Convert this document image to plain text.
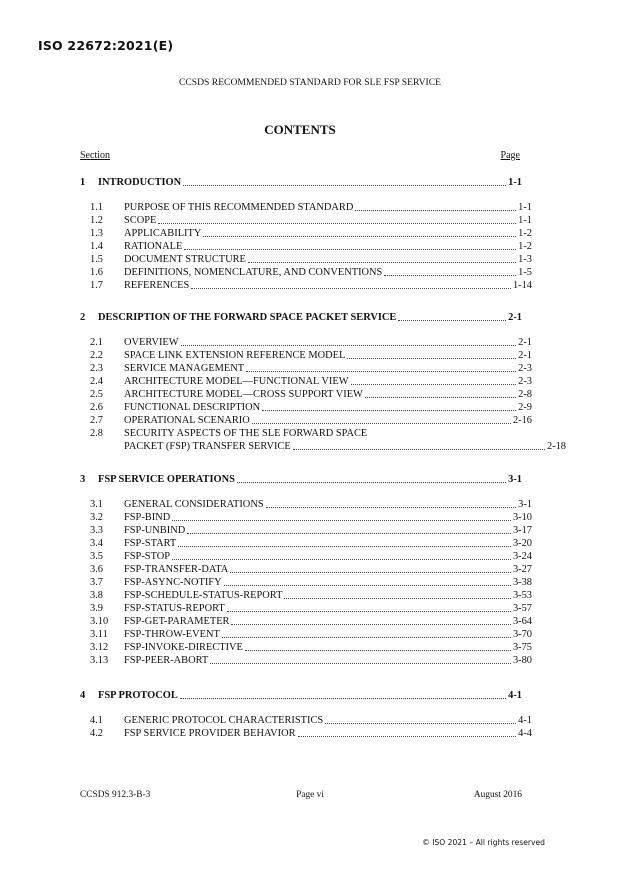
ISO 22672:2021(E)
CCSDS RECOMMENDED STANDARD FOR SLE FSP SERVICE
CONTENTS
Section	Page
1	INTRODUCTION	1-1
1.1	PURPOSE OF THIS RECOMMENDED STANDARD	1-1
1.2	SCOPE	1-1
1.3	APPLICABILITY	1-2
1.4	RATIONALE	1-2
1.5	DOCUMENT STRUCTURE	1-3
1.6	DEFINITIONS, NOMENCLATURE, AND CONVENTIONS	1-5
1.7	REFERENCES	1-14
2	DESCRIPTION OF THE FORWARD SPACE PACKET SERVICE	2-1
2.1	OVERVIEW	2-1
2.2	SPACE LINK EXTENSION REFERENCE MODEL	2-1
2.3	SERVICE MANAGEMENT	2-3
2.4	ARCHITECTURE MODEL—FUNCTIONAL VIEW	2-3
2.5	ARCHITECTURE MODEL—CROSS SUPPORT VIEW	2-8
2.6	FUNCTIONAL DESCRIPTION	2-9
2.7	OPERATIONAL SCENARIO	2-16
2.8	SECURITY ASPECTS OF THE SLE FORWARD SPACE
PACKET (FSP) TRANSFER SERVICE	2-18
3	FSP SERVICE OPERATIONS	3-1
3.1	GENERAL CONSIDERATIONS	3-1
3.2	FSP-BIND	3-10
3.3	FSP-UNBIND	3-17
3.4	FSP-START	3-20
3.5	FSP-STOP	3-24
3.6	FSP-TRANSFER-DATA	3-27
3.7	FSP-ASYNC-NOTIFY	3-38
3.8	FSP-SCHEDULE-STATUS-REPORT	3-53
3.9	FSP-STATUS-REPORT	3-57
3.10	FSP-GET-PARAMETER	3-64
3.11	FSP-THROW-EVENT	3-70
3.12	FSP-INVOKE-DIRECTIVE	3-75
3.13	FSP-PEER-ABORT	3-80
4	FSP PROTOCOL	4-1
4.1	GENERIC PROTOCOL CHARACTERISTICS	4-1
4.2	FSP SERVICE PROVIDER BEHAVIOR	4-4
CCSDS 912.3-B-3	Page vi	August 2016
© ISO 2021 – All rights reserved
